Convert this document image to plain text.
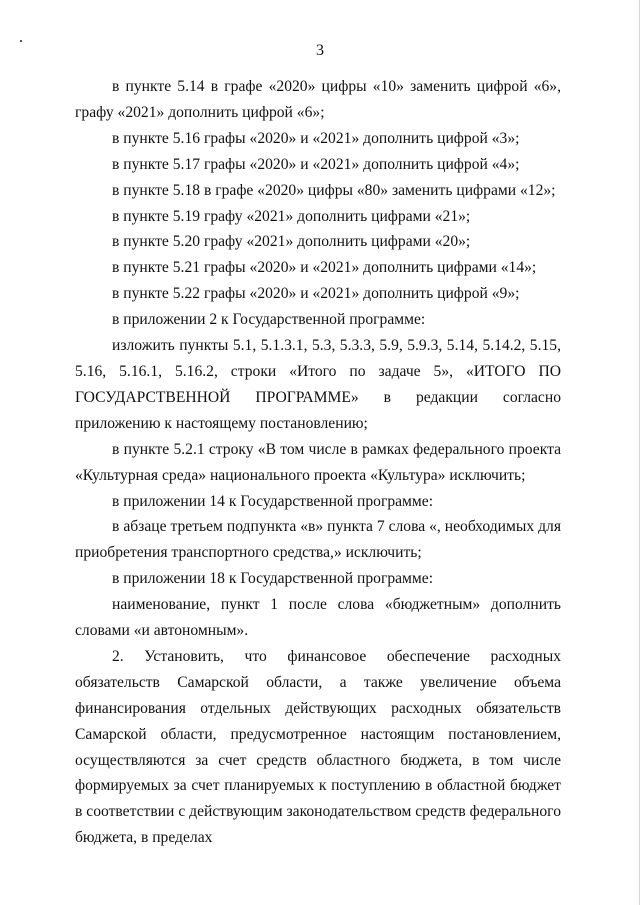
3

в пункте 5.14 в графе «2020» цифры «10» заменить цифрой «6», графу «2021» дополнить цифрой «6»;

в пункте 5.16 графы «2020» и «2021» дополнить цифрой «3»;

в пункте 5.17 графы «2020» и «2021» дополнить цифрой «4»;

в пункте 5.18 в графе «2020» цифры «80» заменить цифрами «12»;

в пункте 5.19 графу «2021» дополнить цифрами «21»;

в пункте 5.20 графу «2021» дополнить цифрами «20»;

в пункте 5.21 графы «2020» и «2021» дополнить цифрами «14»;

в пункте 5.22 графы «2020» и «2021» дополнить цифрой «9»;

в приложении 2 к Государственной программе:

изложить пункты 5.1, 5.1.3.1, 5.3, 5.3.3, 5.9, 5.9.3, 5.14, 5.14.2, 5.15, 5.16, 5.16.1, 5.16.2, строки «Итого по задаче 5», «ИТОГО ПО ГОСУДАРСТВЕННОЙ ПРОГРАММЕ» в редакции согласно приложению к настоящему постановлению;

в пункте 5.2.1 строку «В том числе в рамках федерального проекта «Культурная среда» национального проекта «Культура» исключить;

в приложении 14 к Государственной программе:

в абзаце третьем подпункта «в» пункта 7 слова «, необходимых для приобретения транспортного средства,» исключить;

в приложении 18 к Государственной программе:

наименование, пункт 1 после слова «бюджетным» дополнить словами «и автономным».

2. Установить, что финансовое обеспечение расходных обязательств Самарской области, а также увеличение объема финансирования отдельных действующих расходных обязательств Самарской области, предусмотренное настоящим постановлением, осуществляются за счет средств областного бюджета, в том числе формируемых за счет планируемых к поступлению в областной бюджет в соответствии с действующим законодательством средств федерального бюджета, в пределах
